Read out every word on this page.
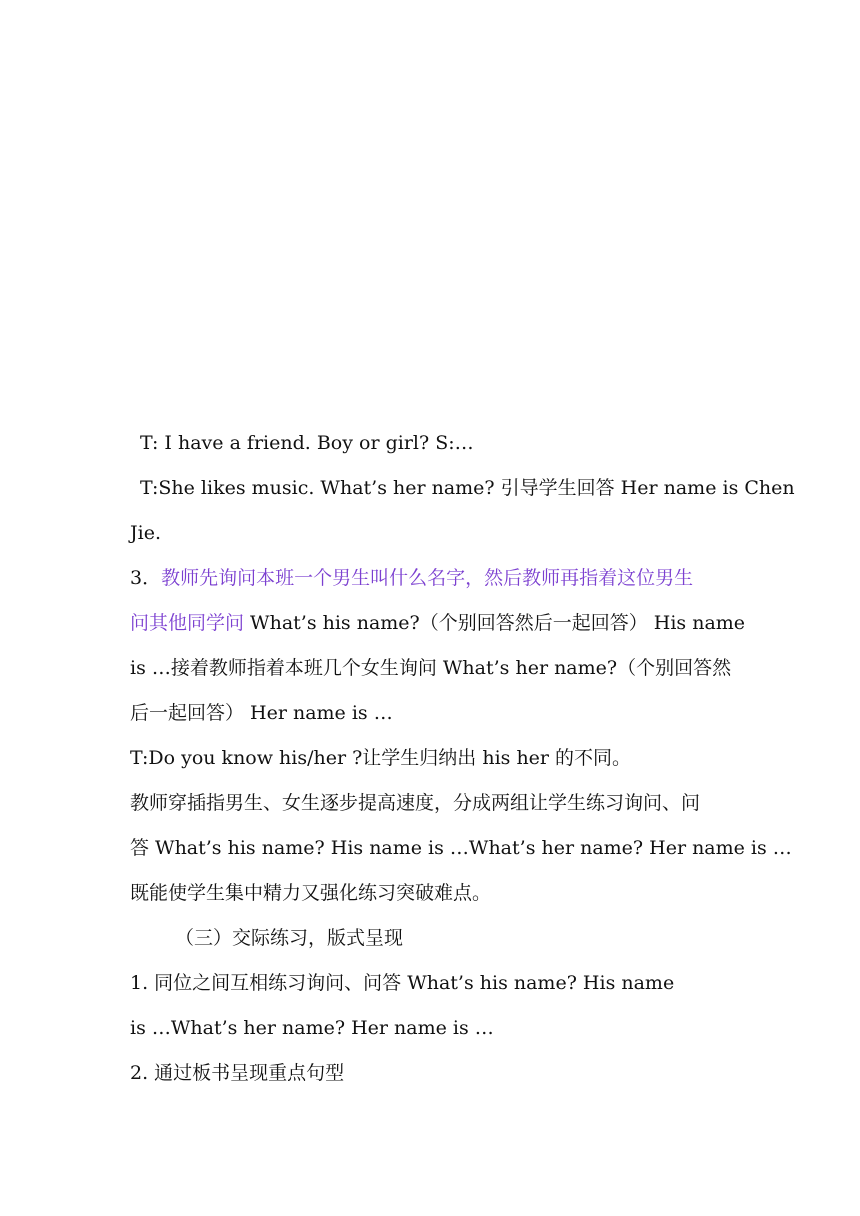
T: I have a friend. Boy or girl? S:…
T:She likes music. What’s her name? 引导学生回答 Her name is Chen
Jie.
3．教师先询问本班一个男生叫什么名字，然后教师再指着这位男生
问其他同学问 What’s his name?（个别回答然后一起回答） His name
is …接着教师指着本班几个女生询问 What’s her name?（个别回答然
后一起回答） Her name is …
T:Do you know his/her ?让学生归纳出 his her 的不同。
教师穿插指男生、女生逐步提高速度，分成两组让学生练习询问、问
答 What’s his name? His name is …What’s her name? Her name is …
既能使学生集中精力又强化练习突破难点。
（三）交际练习，版式呈现
1. 同位之间互相练习询问、问答 What’s his name? His name
is …What’s her name? Her name is …
2. 通过板书呈现重点句型
